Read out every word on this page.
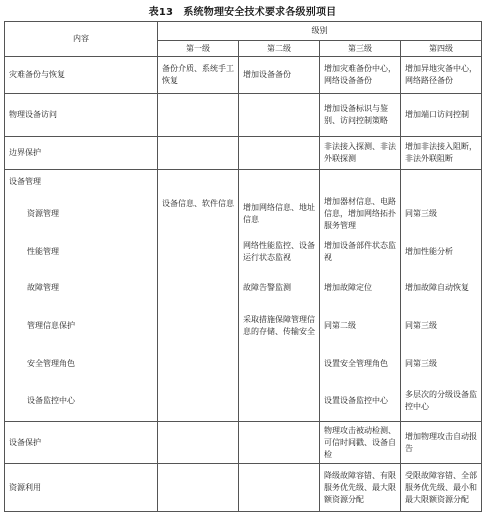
表13　系统物理安全技术要求各级别项目
内容	级别			
	第一级	第二级	第三级	第四级
灾难备份与恢复	备份介质、系统手工恢复	增加设备备份	增加灾难备份中心，网络设备备份	增加异地灾备中心，网络路径备份
物理设备访问			增加设备标识与鉴别、访问控制策略	增加端口访问控制
边界保护			非法接入探测、非法外联探测	增加非法接入阻断，非法外联阻断
设备管理	设备信息、软件信息			
资源管理		增加网络信息、地址信息	增加器材信息、电路信息，增加网络拓扑服务管理	同第三级
性能管理		网络性能监控、设备运行状态监视	增加设备部件状态监视	增加性能分析
故障管理		故障告警监测	增加故障定位	增加故障自动恢复
管理信息保护		采取措施保障管理信息的存储、传输安全	同第二级	同第三级
安全管理角色			设置安全管理角色	同第三级
设备监控中心			设置设备监控中心	多层次的分级设备监控中心
设备保护			物理攻击被动检测、可信时间戳、设备自检	增加物理攻击自动报告
资源利用			降级故障容错、有限服务优先级、最大限额资源分配	受限故障容错、全部服务优先级、最小和最大限额资源分配
